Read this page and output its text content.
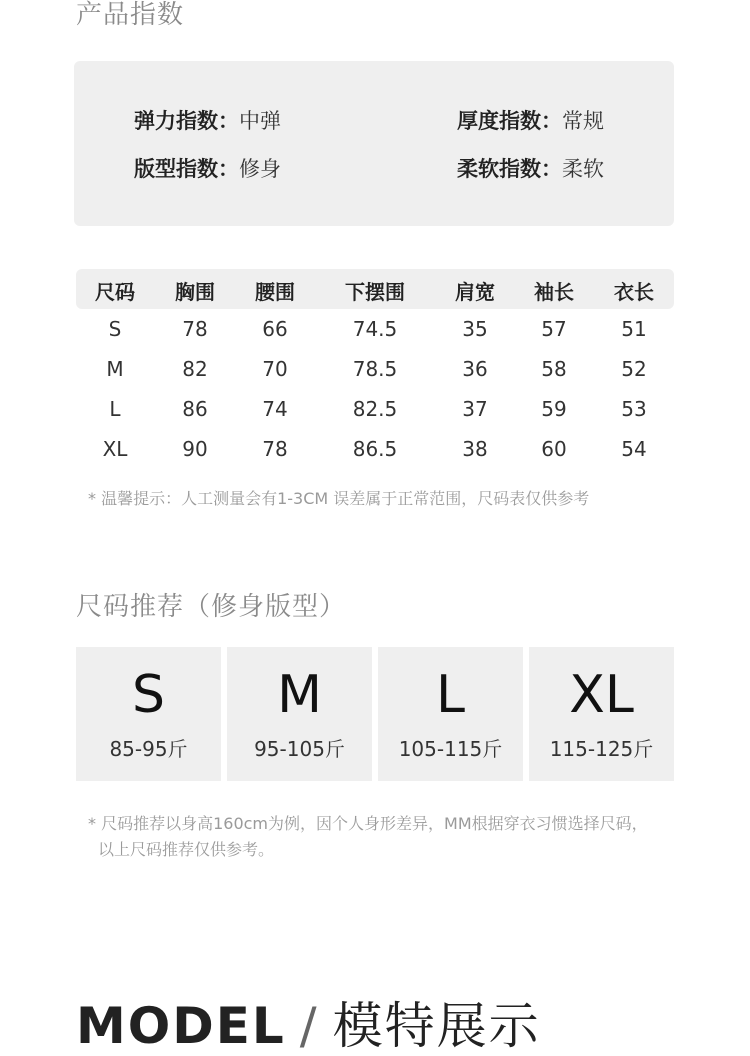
产品指数
弹力指数：中弹	厚度指数：常规
版型指数：修身	柔软指数：柔软
尺码 胸围 腰围	下摆围	肩宽 袖长 衣长
S	78	66	74.5	35	57	51
M	82	70	78.5	36	58	52
L	86	74	82.5	37	59	53
XL	90	78	86.5	38	60	54
* 温馨提示：人工测量会有1-3CM 误差属于正常范围，尺码表仅供参考
尺码推荐（修身版型）
S
85-95斤
M
95-105斤
L
105-115斤
XL
115-125斤
* 尺码推荐以身高160cm为例，因个人身形差异，MM根据穿衣习惯选择尺码，
以上尺码推荐仅供参考。
MODEL / 模特展示
